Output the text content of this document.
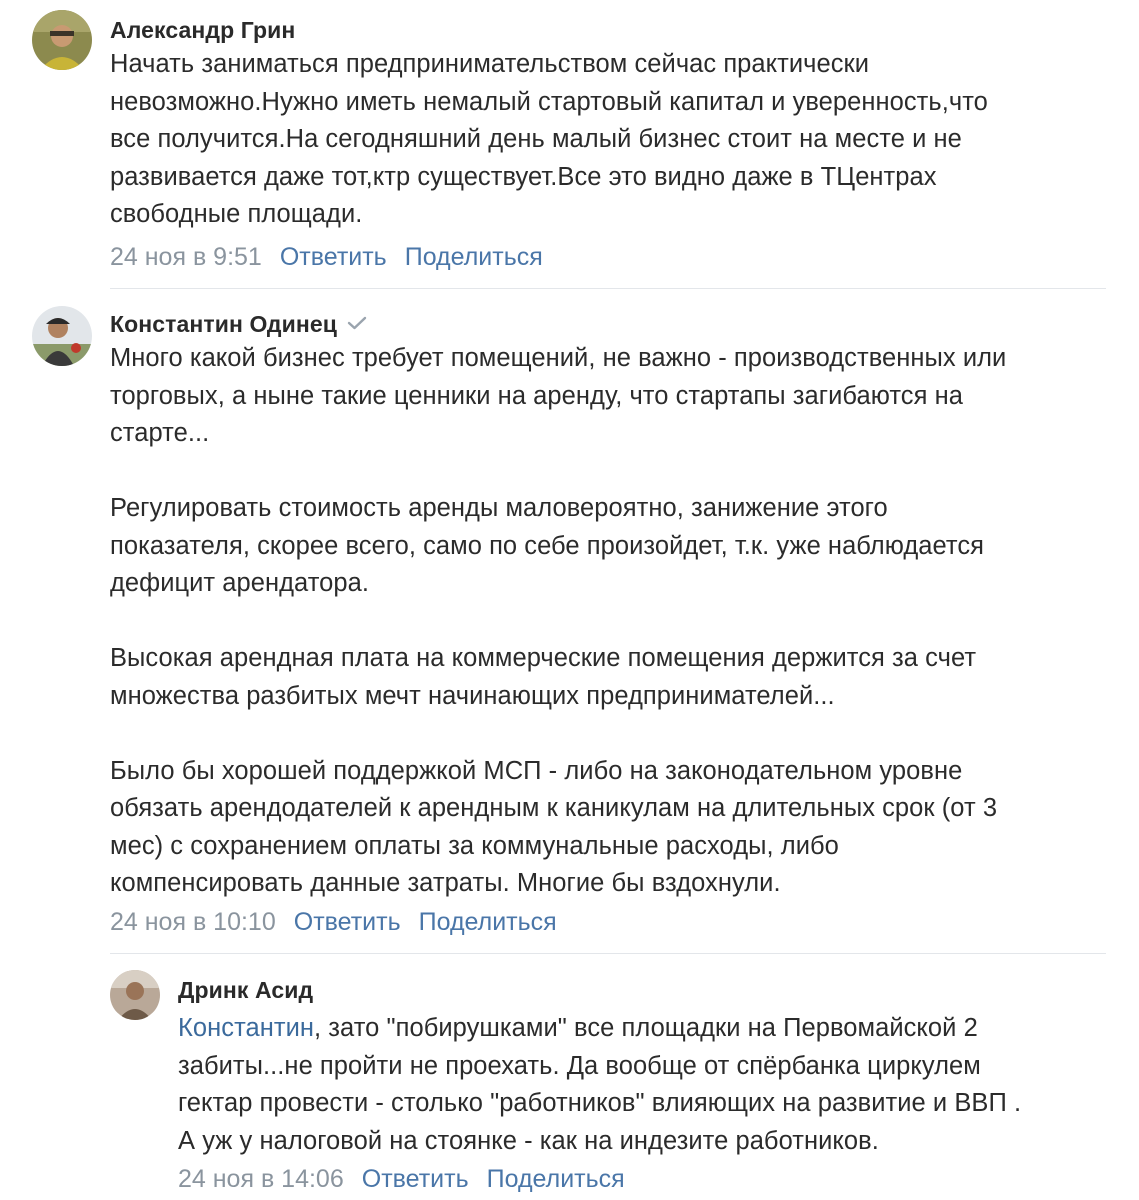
Александр Грин
Начать заниматься предпринимательством сейчас практически
невозможно.Нужно иметь немалый стартовый капитал и уверенность,что
все получится.На сегодняшний день малый бизнес стоит на месте и не
развивается даже тот,ктр существует.Все это видно даже в ТЦентрах
свободные площади.
24 ноя в 9:51 Ответить Поделиться
Константин Одинец
Много какой бизнес требует помещений, не важно - производственных или
торговых, а ныне такие ценники на аренду, что стартапы загибаются на
старте...

Регулировать стоимость аренды маловероятно, занижение этого
показателя, скорее всего, само по себе произойдет, т.к. уже наблюдается
дефицит арендатора.

Высокая арендная плата на коммерческие помещения держится за счет
множества разбитых мечт начинающих предпринимателей...

Было бы хорошей поддержкой МСП - либо на законодательном уровне
обязать арендодателей к арендным к каникулам на длительных срок (от 3
мес) с сохранением оплаты за коммунальные расходы, либо
компенсировать данные затраты. Многие бы вздохнули.
24 ноя в 10:10 Ответить Поделиться
Дринк Асид
Константин, зато "побирушками" все площадки на Первомайской 2
забиты...не пройти не проехать. Да вообще от спёрбанка циркулем
гектар провести - столько "работников" влияющих на развитие и ВВП .
А уж у налоговой на стоянке - как на индезите работников.
24 ноя в 14:06 Ответить Поделиться
